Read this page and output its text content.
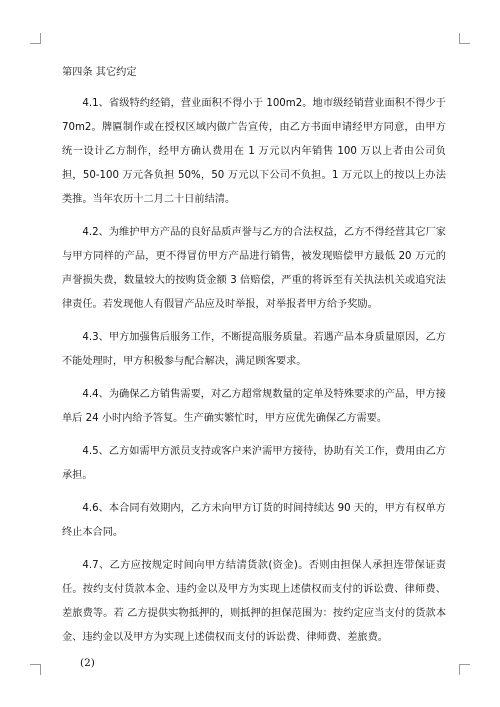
第四条 其它约定

4.1、省级特约经销，营业面积不得小于 100m2。地市级经销营业面积不得少于 70m2。牌匾制作或在授权区域内做广告宣传，由乙方书面申请经甲方同意，由甲方统一设计乙方制作，经甲方确认费用在 1 万元以内年销售 100 万以上者由公司负担，50-100 万元各负担 50%，50 万元以下公司不负担。1 万元以上的按以上办法类推。当年农历十二月二十日前结清。

4.2、为维护甲方产品的良好品质声誉与乙方的合法权益，乙方不得经营其它厂家与甲方同样的产品，更不得冒仿甲方产品进行销售，被发现赔偿甲方最低 20 万元的声誉损失费，数量较大的按购货金额 3 倍赔偿，严重的将诉至有关执法机关或追究法律责任。若发现他人有假冒产品应及时举报，对举报者甲方给予奖励。

4.3、甲方加强售后服务工作，不断提高服务质量。若遇产品本身质量原因，乙方不能处理时，甲方积极参与配合解决，满足顾客要求。

4.4、为确保乙方销售需要，对乙方超常规数量的定单及特殊要求的产品，甲方接单后 24 小时内给予答复。生产确实繁忙时，甲方应优先确保乙方需要。

4.5、乙方如需甲方派员支持或客户来沪需甲方接待，协助有关工作，费用由乙方承担。

4.6、本合同有效期内，乙方未向甲方订货的时间持续达 90 天的，甲方有权单方终止本合同。

4.7、乙方应按规定时间向甲方结清货款(资金)。否则由担保人承担连带保证责任。按约支付货款本金、违约金以及甲方为实现上述债权而支付的诉讼费、律师费、差旅费等。若 乙方提供实物抵押的，则抵押的担保范围为：按约定应当支付的货款本金、违约金以及甲方为实现上述债权而支付的诉讼费、律师费、差旅费。

(2)
